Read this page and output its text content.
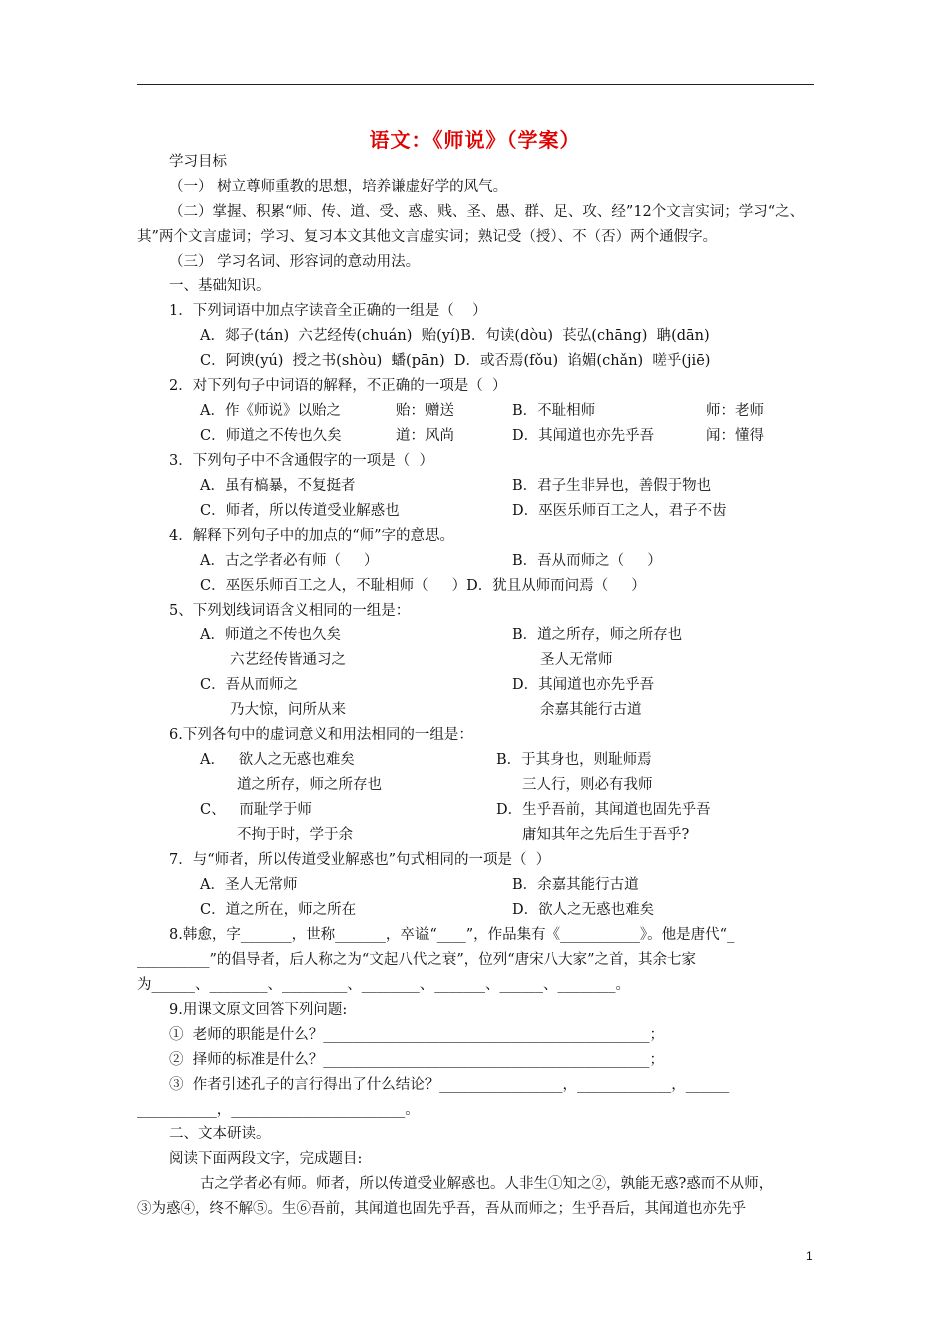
语文：《师说》（学案）
学习目标
（一） 树立尊师重教的思想，培养谦虚好学的风气。
（二）掌握、积累“师、传、道、受、惑、贱、圣、愚、群、足、攻、经”12个文言实词；学习“之、
其”两个文言虚词；学习、复习本文其他文言虚实词；熟记受（授）、不（否）两个通假字。
（三） 学习名词、形容词的意动用法。
一、基础知识。
1．下列词语中加点字读音全正确的一组是（    ）
A．郯子(tán)  六艺经传(chuán)  贻(yí)B．句读(dòu)  苌弘(chāng)  聃(dān)
C．阿谀(yú)  授之书(shòu)  蟠(pān)  D．或否焉(fǒu)  谄媚(chǎn)  嗟乎(jiē)
2．对下列句子中词语的解释，不正确的一项是（  ）
A．作《师说》以贻之	贻：赠送	B．不耻相师	师：老师
C．师道之不传也久矣	道：风尚	D．其闻道也亦先乎吾	闻：懂得
3．下列句子中不含通假字的一项是（  ）
A．虽有槁暴，不复挺者	B．君子生非异也，善假于物也
C．师者，所以传道受业解惑也	D．巫医乐师百工之人，君子不齿
4．解释下列句子中的加点的“师”字的意思。
A．古之学者必有师（     ）	B．吾从而师之（     ）
C．巫医乐师百工之人，不耻相师（     ）D．犹且从师而问焉（     ）
5、下列划线词语含义相同的一组是：
A．师道之不传也久矣	B．道之所存，师之所存也
六艺经传皆通习之	圣人无常师
C．吾从而师之	D．其闻道也亦先乎吾
乃大惊，问所从来	余嘉其能行古道
6.下列各句中的虚词意义和用法相同的一组是：
A．   欲人之无惑也难矣	B．于其身也，则耻师焉
道之所存，师之所存也	三人行，则必有我师
C、   而耻学于师	D．生乎吾前，其闻道也固先乎吾
不拘于时，学于余	庸知其年之先后生于吾乎?
7．与“师者，所以传道受业解惑也”句式相同的一项是（  ）
A．圣人无常师	B．余嘉其能行古道
C．道之所在，师之所在	D．欲人之无惑也难矣
8.韩愈，字_______，世称_______，卒谥“____”，作品集有《___________》。他是唐代“_
__________”的倡导者，后人称之为“文起八代之衰”，位列“唐宋八大家”之首，其余七家
为______、________、_________、________、_______、______、________。
9.用课文原文回答下列问题:
①  老师的职能是什么？_____________________________________________；
②  择师的标准是什么？_____________________________________________；
③  作者引述孔子的言行得出了什么结论？_________________，_____________，______
___________，________________________。
二、文本研读。
阅读下面两段文字，完成题目:
古之学者必有师。师者，所以传道受业解惑也。人非生①知之②，孰能无惑?惑而不从师，
③为惑④，终不解⑤。生⑥吾前，其闻道也固先乎吾，吾从而师之；生乎吾后，其闻道也亦先乎
1
